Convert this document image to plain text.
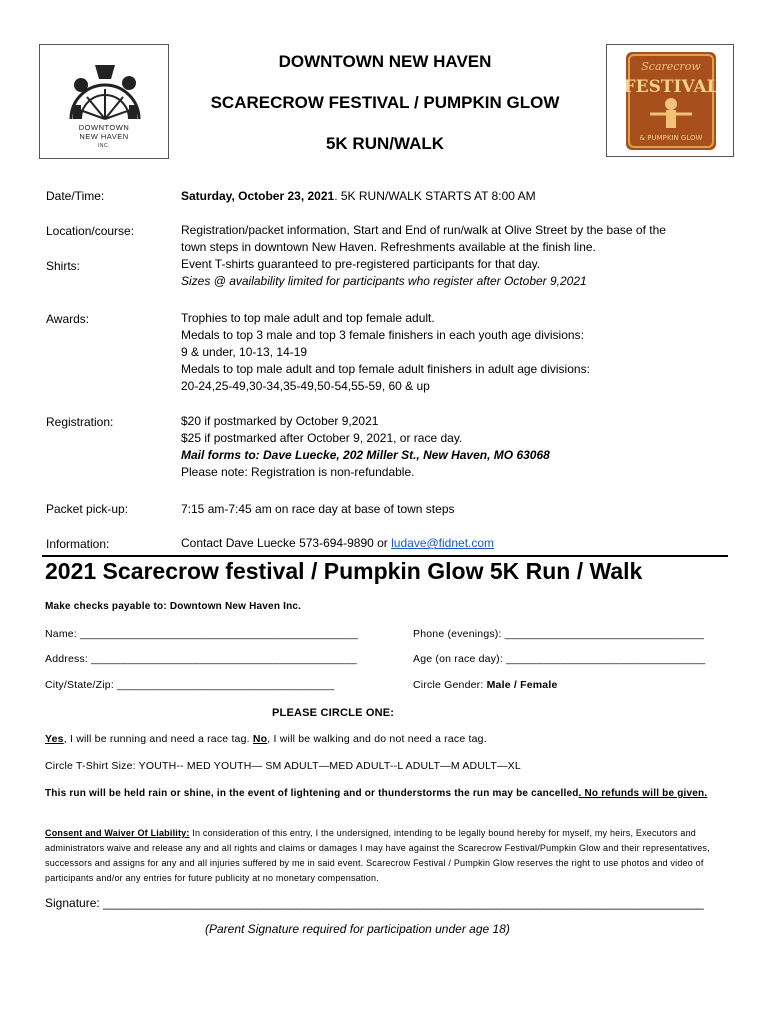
DOWNTOWN
NEW HAVEN
INC.
DOWNTOWN NEW HAVEN
SCARECROW FESTIVAL / PUMPKIN GLOW
5K RUN/WALK
Scarecrow
FESTIVAL
& PUMPKIN GLOW
Date/Time:	Saturday, October 23, 2021. 5K RUN/WALK STARTS AT 8:00 AM
Location/course:	Registration/packet information, Start and End of run/walk at Olive Street by the base of the
town steps in downtown New Haven. Refreshments available at the finish line.
Shirts:	Event T-shirts guaranteed to pre-registered participants for that day.
Sizes @ availability limited for participants who register after October 9,2021
Awards:	Trophies to top male adult and top female adult.
Medals to top 3 male and top 3 female finishers in each youth age divisions:
9 & under, 10-13, 14-19
Medals to top male adult and top female adult finishers in adult age divisions:
20-24,25-49,30-34,35-49,50-54,55-59, 60 & up
Registration:	$20 if postmarked by October 9,2021
$25 if postmarked after October 9, 2021, or race day.
Mail forms to: Dave Luecke, 202 Miller St., New Haven, MO 63068
Please note: Registration is non-refundable.
Packet pick-up:	7:15 am-7:45 am on race day at base of town steps
Information:	Contact Dave Luecke 573-694-9890 or ludave@fidnet.com
2021 Scarecrow festival / Pumpkin Glow 5K Run / Walk
Make checks payable to: Downtown New Haven Inc.
Name: ______________________________________________	Phone (evenings): _________________________________
Address: ____________________________________________	Age (on race day): _________________________________
City/State/Zip: ____________________________________	Circle Gender: Male / Female
PLEASE CIRCLE ONE:
Yes, I will be running and need a race tag. No, I will be walking and do not need a race tag.
Circle T-Shirt Size: YOUTH-- MED YOUTH— SM ADULT—MED ADULT--L ADULT—M ADULT—XL
This run will be held rain or shine, in the event of lightening and or thunderstorms the run may be cancelled. No refunds will be given.
Consent and Waiver Of Liability: In consideration of this entry, I the undersigned, intending to be legally bound hereby for myself, my heirs, Executors and administrators waive and release any and all rights and claims or damages I may have against the Scarecrow Festival/Pumpkin Glow and their representatives, successors and assigns for any and all injuries suffered by me in said event. Scarecrow Festival / Pumpkin Glow reserves the right to use photos and video of participants and/or any entries for future publicity at no monetary compensation.
Signature: __________________________________________________________________________________________
(Parent Signature required for participation under age 18)
